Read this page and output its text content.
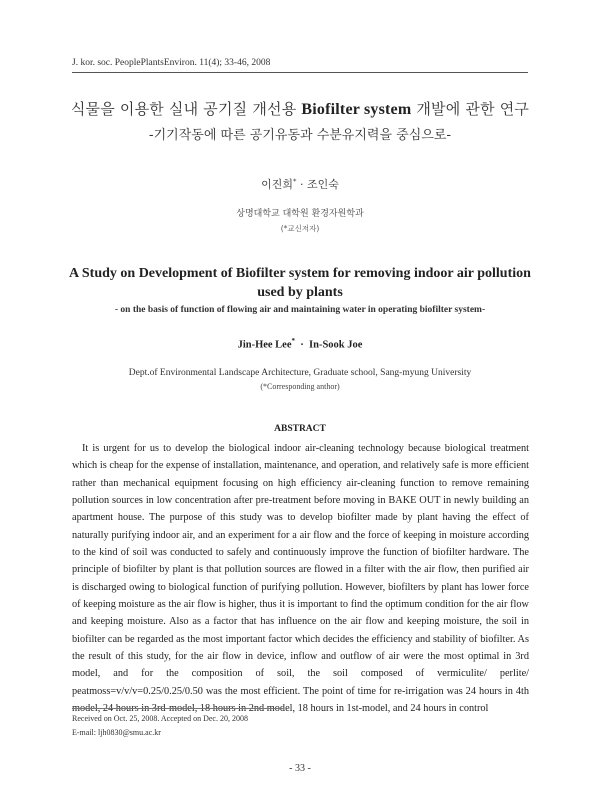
J. kor. soc. PeoplePlantsEnviron. 11(4); 33-46, 2008
식물을 이용한 실내 공기질 개선용 Biofilter system 개발에 관한 연구
-기기작동에 따른 공기유동과 수분유지력을 중심으로-
이진희* · 조인숙
상명대학교 대학원 환경자원학과
(*교신저자)
A Study on Development of Biofilter system for removing indoor air pollution used by plants
- on the basis of function of flowing air and maintaining water in operating biofilter system-
Jin-Hee Lee*  ·  In-Sook Joe
Dept.of Environmental Landscape Architecture, Graduate school, Sang-myung University
(*Corresponding anthor)
ABSTRACT

It is urgent for us to develop the biological indoor air-cleaning technology because biological treatment which is cheap for the expense of installation, maintenance, and operation, and relatively safe is more efficient rather than mechanical equipment focusing on high efficiency air-cleaning function to remove remaining pollution sources in low concentration after pre-treatment before moving in BAKE OUT in newly building an apartment house. The purpose of this study was to develop biofilter made by plant having the effect of naturally purifying indoor air, and an experiment for a air flow and the force of keeping in moisture according to the kind of soil was conducted to safely and continuously improve the function of biofilter hardware. The principle of biofilter by plant is that pollution sources are flowed in a filter with the air flow, then purified air is discharged owing to biological function of purifying pollution. However, biofilters by plant has lower force of keeping moisture as the air flow is higher, thus it is important to find the optimum condition for the air flow and keeping moisture. Also as a factor that has influence on the air flow and keeping moisture, the soil in biofilter can be regarded as the most important factor which decides the efficiency and stability of biofilter. As the result of this study, for the air flow in device, inflow and outflow of air were the most optimal in 3rd model, and for the composition of soil, the soil composed of vermiculite/ perlite/ peatmoss=v/v/v=0.25/0.25/0.50 was the most efficient. The point of time for re-irrigation was 24 hours in 4th model, 24 hours in 3rd-model, 18 hours in 2nd model, 18 hours in 1st-model, and 24 hours in control

Received on Oct. 25, 2008. Accepted on Dec. 20, 2008
E-mail: ljh0830@smu.ac.kr
- 33 -
